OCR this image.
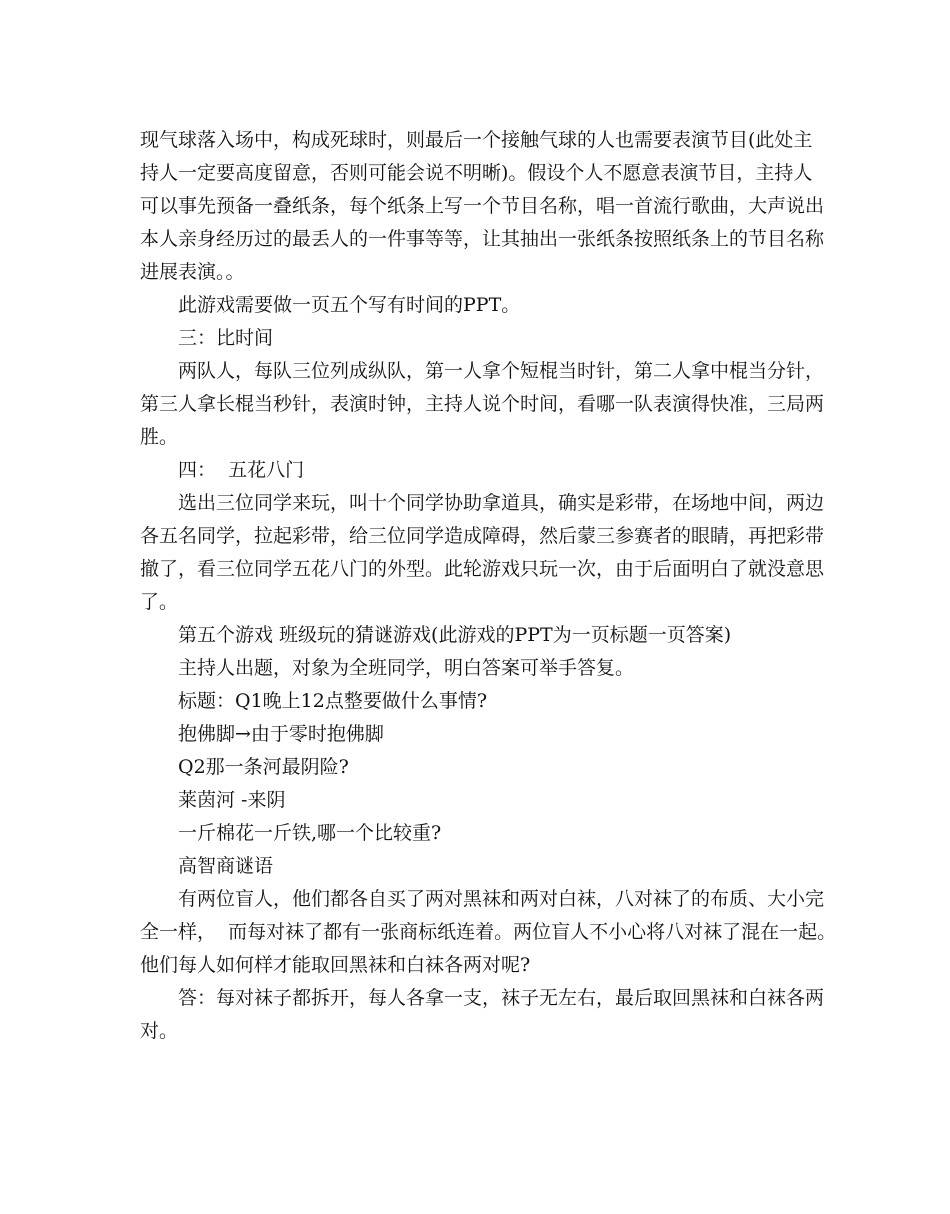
现气球落入场中，构成死球时，则最后一个接触气球的人也需要表演节目(此处主
持人一定要高度留意，否则可能会说不明晰)。假设个人不愿意表演节目，主持人
可以事先预备一叠纸条，每个纸条上写一个节目名称，唱一首流行歌曲，大声说出
本人亲身经历过的最丢人的一件事等等，让其抽出一张纸条按照纸条上的节目名称
进展表演。。
此游戏需要做一页五个写有时间的PPT。
三：比时间
两队人，每队三位列成纵队，第一人拿个短棍当时针，第二人拿中棍当分针，
第三人拿长棍当秒针，表演时钟，主持人说个时间，看哪一队表演得快准，三局两
胜。
四：  五花八门
选出三位同学来玩，叫十个同学协助拿道具，确实是彩带，在场地中间，两边
各五名同学，拉起彩带，给三位同学造成障碍，然后蒙三参赛者的眼睛，再把彩带
撤了，看三位同学五花八门的外型。此轮游戏只玩一次，由于后面明白了就没意思
了。
第五个游戏 班级玩的猜谜游戏(此游戏的PPT为一页标题一页答案)
主持人出题，对象为全班同学，明白答案可举手答复。
标题：Q1晚上12点整要做什么事情?
抱佛脚→由于零时抱佛脚
Q2那一条河最阴险?
莱茵河 -来阴
一斤棉花一斤铁,哪一个比较重?
高智商谜语
有两位盲人，他们都各自买了两对黑袜和两对白袜，八对袜了的布质、大小完
全一样，  而每对袜了都有一张商标纸连着。两位盲人不小心将八对袜了混在一起。
他们每人如何样才能取回黑袜和白袜各两对呢?
答：每对袜子都拆开，每人各拿一支，袜子无左右，最后取回黑袜和白袜各两
对。
